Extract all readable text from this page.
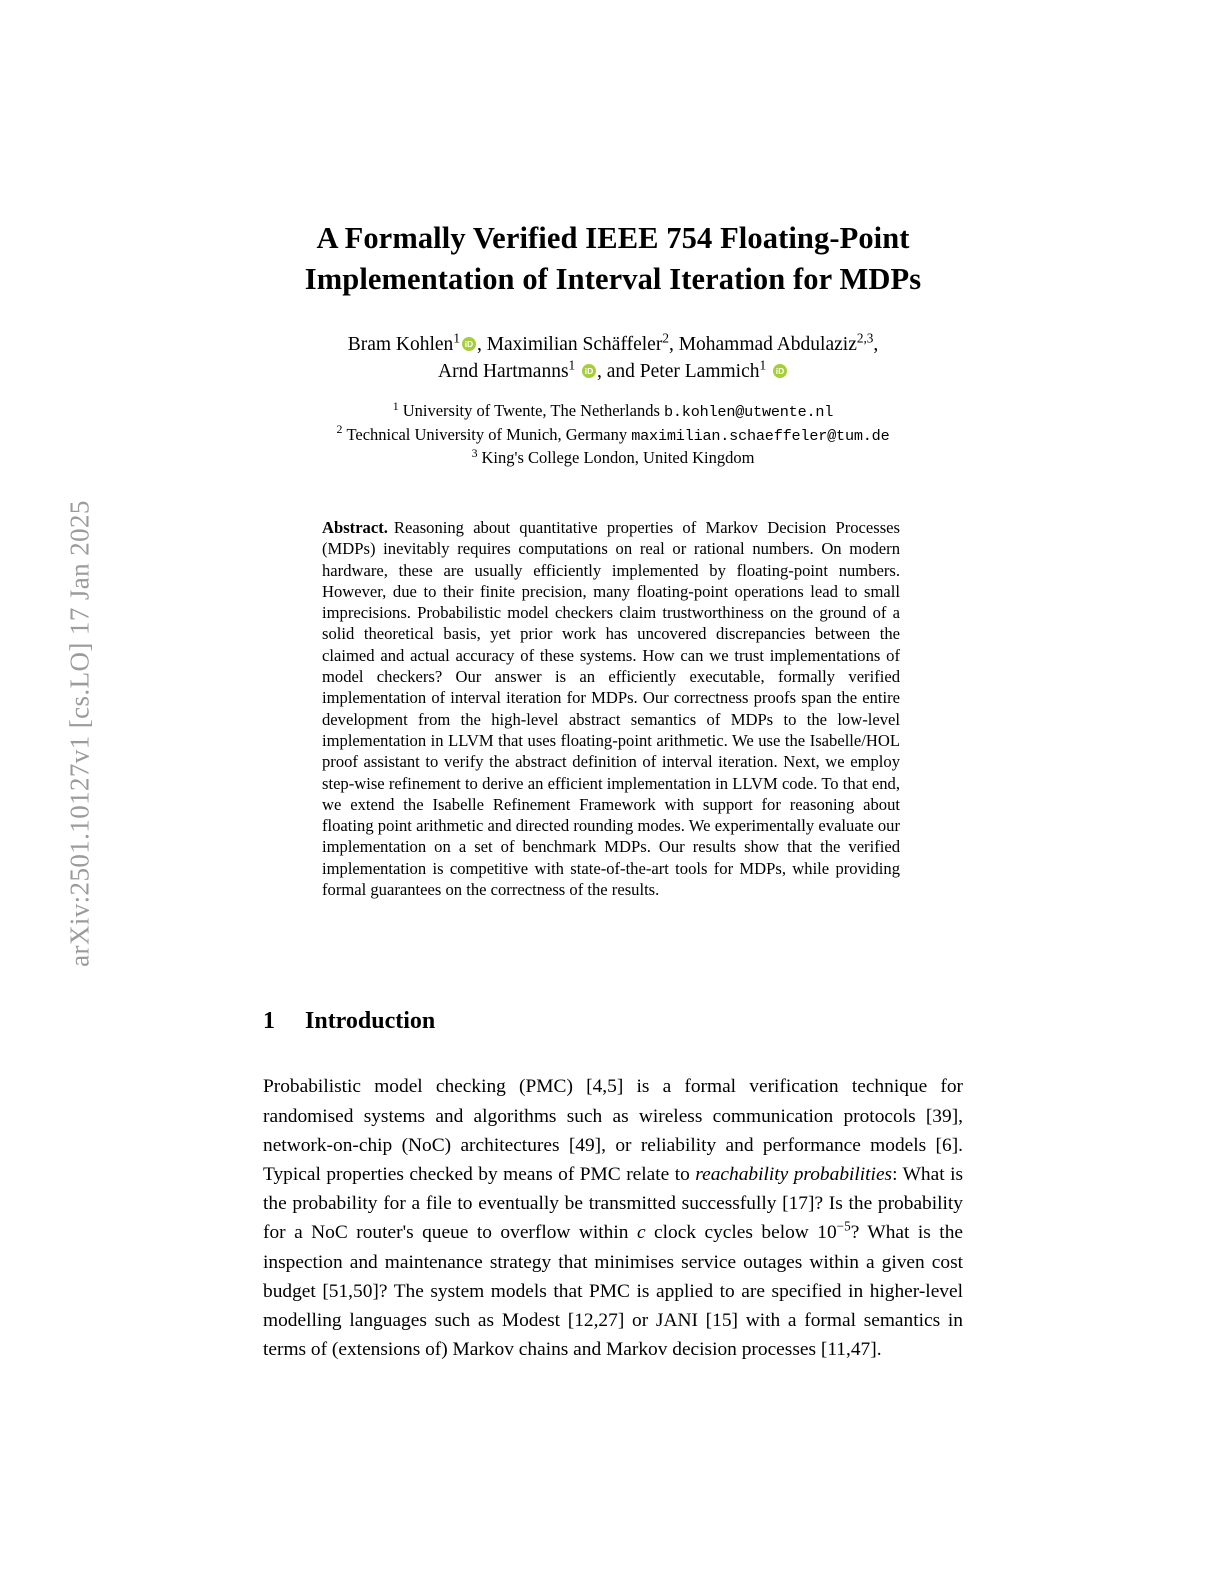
arXiv:2501.10127v1 [cs.LO] 17 Jan 2025
A Formally Verified IEEE 754 Floating-Point
Implementation of Interval Iteration for MDPs
Bram Kohlen$^1$ iD , Maximilian Schäffeler$^2$, Mohammad Abdulaziz$^{2,3}$,
Arnd Hartmanns$^1$ iD , and Peter Lammich$^1$ iD
$^1$ University of Twente, The Netherlands b.kohlen@utwente.nl
$^2$ Technical University of Munich, Germany maximilian.schaeffeler@tum.de
$^3$ King's College London, United Kingdom
Abstract. Reasoning about quantitative properties of Markov Decision Processes (MDPs) inevitably requires computations on real or rational numbers. On modern hardware, these are usually efficiently implemented by floating-point numbers. However, due to their finite precision, many floating-point operations lead to small imprecisions. Probabilistic model checkers claim trustworthiness on the ground of a solid theoretical basis, yet prior work has uncovered discrepancies between the claimed and actual accuracy of these systems. How can we trust implementations of model checkers? Our answer is an efficiently executable, formally verified implementation of interval iteration for MDPs. Our correctness proofs span the entire development from the high-level abstract semantics of MDPs to the low-level implementation in LLVM that uses floating-point arithmetic. We use the Isabelle/HOL proof assistant to verify the abstract definition of interval iteration. Next, we employ step-wise refinement to derive an efficient implementation in LLVM code. To that end, we extend the Isabelle Refinement Framework with support for reasoning about floating point arithmetic and directed rounding modes. We experimentally evaluate our implementation on a set of benchmark MDPs. Our results show that the verified implementation is competitive with state-of-the-art tools for MDPs, while providing formal guarantees on the correctness of the results.
1 Introduction

Probabilistic model checking (PMC) [4,5] is a formal verification technique for randomised systems and algorithms such as wireless communication protocols [39], network-on-chip (NoC) architectures [49], or reliability and performance models [6]. Typical properties checked by means of PMC relate to reachability probabilities: What is the probability for a file to eventually be transmitted successfully [17]? Is the probability for a NoC router's queue to overflow within c clock cycles below $10^{-5}$? What is the inspection and maintenance strategy that minimises service outages within a given cost budget [51,50]? The system models that PMC is applied to are specified in higher-level modelling languages such as Modest [12,27] or JANI [15] with a formal semantics in terms of (extensions of) Markov chains and Markov decision processes [11,47].
